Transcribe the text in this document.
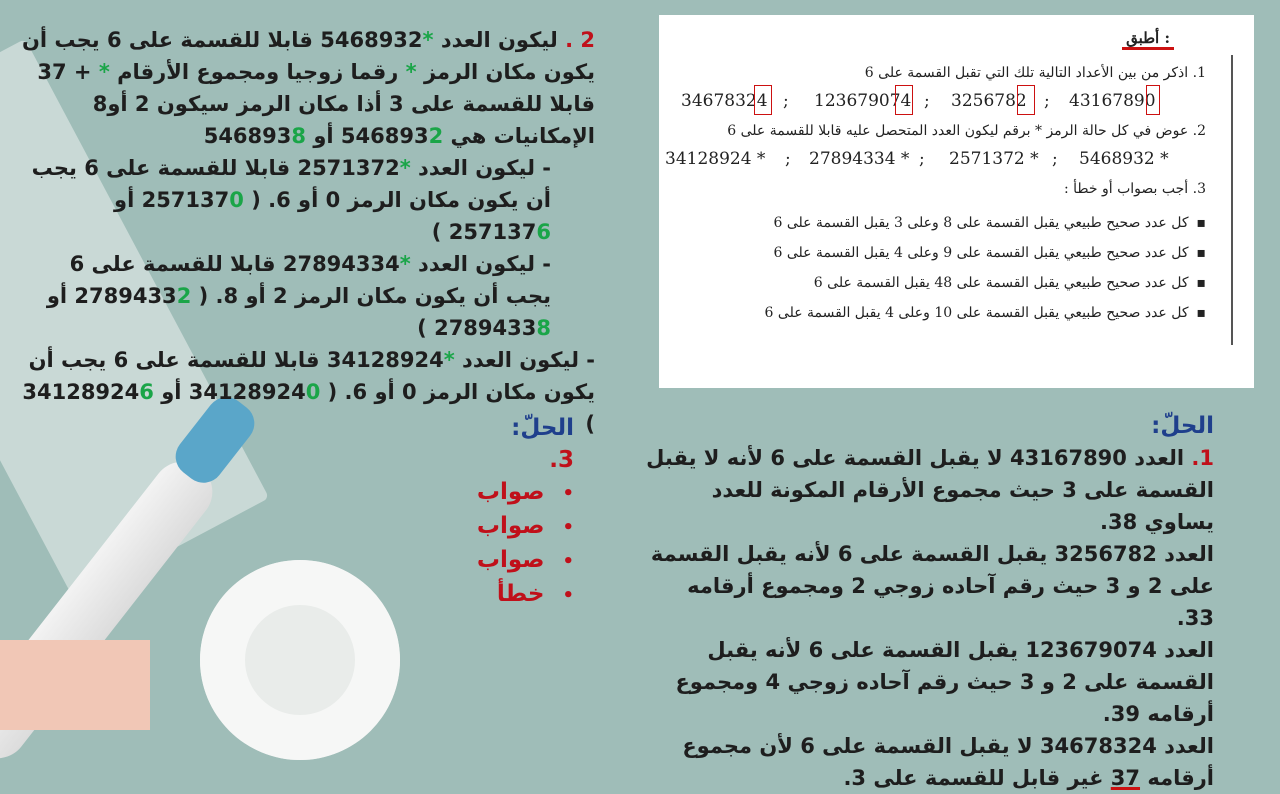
2 . ليكون العدد *5468932 قابلا للقسمة على 6 يجب أن يكون مكان الرمز * رقما زوجيا ومجموع الأرقام * + 37 قابلا للقسمة على 3 أذا مكان الرمز سيكون 2 أو8 الإمكانيات هي 5468932 أو 5468938

- ليكون العدد *2571372 قابلا للقسمة على 6 يجب أن يكون مكان الرمز 0 أو 6. ( 2571370 أو 2571376 )

- ليكون العدد *27894334 قابلا للقسمة على 6 يجب أن يكون مكان الرمز 2 أو 8. ( 27894332 أو 27894338 )

- ليكون العدد *34128924 قابلا للقسمة على 6 يجب أن يكون مكان الرمز 0 أو 6. ( 341289240 أو 341289246 )

أطبق :
1. اذكر من بين الأعداد التالية تلك التي تقبل القسمة على 6
34678324 ; 123679074 ; 3256782 ; 43167890
2. عوض في كل حالة الرمز * برقم ليكون العدد المتحصل عليه قابلا للقسمة على 6
34128924 * ; 27894334 * ; 2571372 * ; 5468932 *
3. أجب بصواب أو خطأ :
▪ كل عدد صحيح طبيعي يقبل القسمة على 8 وعلى 3 يقبل القسمة على 6
▪ كل عدد صحيح طبيعي يقبل القسمة على 9 وعلى 4 يقبل القسمة على 6
▪ كل عدد صحيح طبيعي يقبل القسمة على 48 يقبل القسمة على 6
▪ كل عدد صحيح طبيعي يقبل القسمة على 10 وعلى 4 يقبل القسمة على 6
الحلّ:
3.
• صواب
• صواب
• صواب
• خطأ
الحلّ:

1. العدد 43167890 لا يقبل القسمة على 6 لأنه لا يقبل القسمة على 3 حيث مجموع الأرقام المكونة للعدد يساوي 38.

العدد 3256782 يقبل القسمة على 6 لأنه يقبل القسمة على 2 و 3 حيث رقم آحاده زوجي 2 ومجموع أرقامه 33.

العدد 123679074 يقبل القسمة على 6 لأنه يقبل القسمة على 2 و 3 حيث رقم آحاده زوجي 4 ومجموع أرقامه 39.

العدد 34678324 لا يقبل القسمة على 6 لأن مجموع أرقامه 37 غير قابل للقسمة على 3.
